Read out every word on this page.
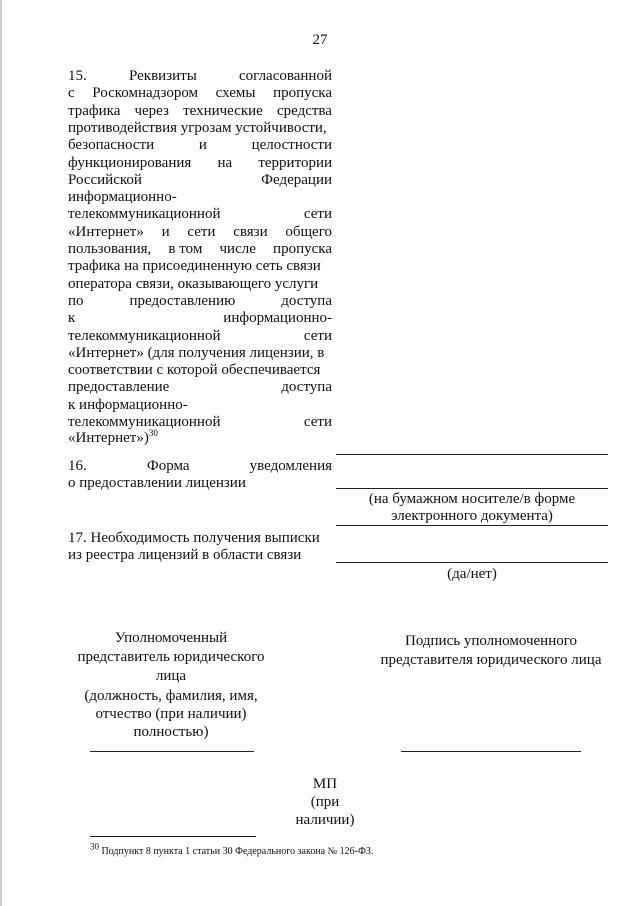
27
15.	Реквизиты	согласованной
с Роскомнадзором схемы пропуска
трафика через технические средства
противодействия угрозам устойчивости,
безопасности	и	целостности
функционирования на территории
Российской	Федерации
информационно-
телекоммуникационной	сети
«Интернет» и сети связи общего
пользования, в том числе пропуска
трафика на присоединенную сеть связи
оператора связи, оказывающего услуги
по	предоставлению	доступа
к	информационно-
телекоммуникационной	сети
«Интернет» (для получения лицензии, в
соответствии с которой обеспечивается
предоставление	доступа
к информационно-
телекоммуникационной	сети
«Интернет»)$^{30}$
16.	Форма	уведомления
о предоставлении лицензии
(на бумажном носителе/в форме
электронного документа)
17. Необходимость получения выписки
из реестра лицензий в области связи
(да/нет)
Уполномоченный
представитель юридического
лица
(должность, фамилия, имя,
отчество (при наличии)
полностью)
Подпись уполномоченного
представителя юридического лица
МП
(при
наличии)
$^{30}$ Подпункт 8 пункта 1 статьи 30 Федерального закона № 126-ФЗ.
